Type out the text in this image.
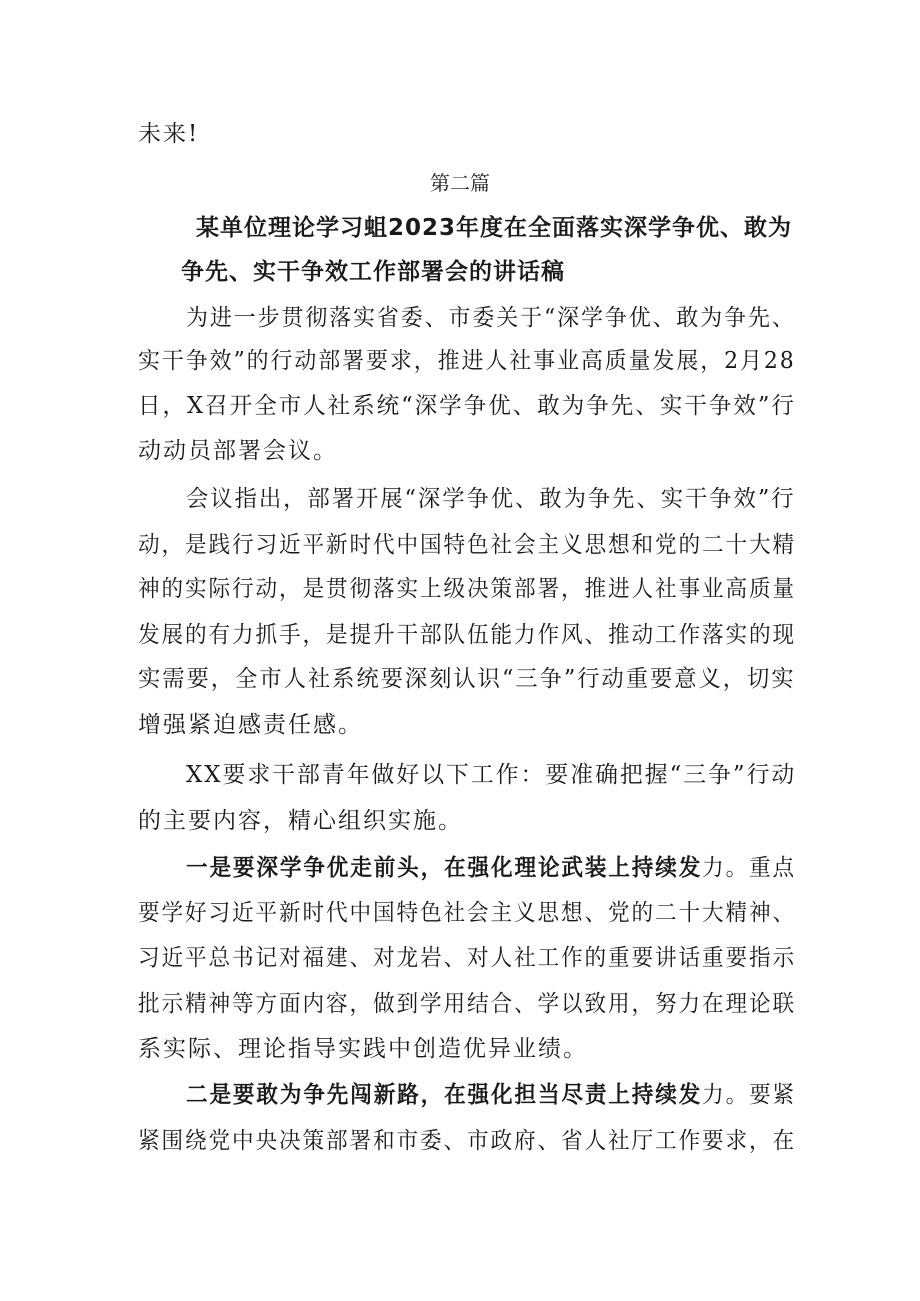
未来!
第二篇
某单位理论学习蛆2023年度在全面落实深学争优、敢为
争先、实干争效工作部署会的讲话稿
为进一步贯彻落实省委、市委关于“深学争优、敢为争先、
实干争效”的行动部署要求，推进人社事业高质量发展，2月28
日，X召开全市人社系统“深学争优、敢为争先、实干争效”行
动动员部署会议。
会议指出，部署开展“深学争优、敢为争先、实干争效”行
动，是践行习近平新时代中国特色社会主义思想和党的二十大精
神的实际行动，是贯彻落实上级决策部署，推进人社事业高质量
发展的有力抓手，是提升干部队伍能力作风、推动工作落实的现
实需要，全市人社系统要深刻认识“三争”行动重要意义，切实
增强紧迫感责任感。
XX要求干部青年做好以下工作：要准确把握“三争”行动
的主要内容，精心组织实施。
一是要深学争优走前头，在强化理论武装上持续发力。重点
要学好习近平新时代中国特色社会主义思想、党的二十大精神、
习近平总书记对福建、对龙岩、对人社工作的重要讲话重要指示
批示精神等方面内容，做到学用结合、学以致用，努力在理论联
系实际、理论指导实践中创造优异业绩。
二是要敢为争先闯新路，在强化担当尽责上持续发力。要紧
紧围绕党中央决策部署和市委、市政府、省人社厅工作要求，在
